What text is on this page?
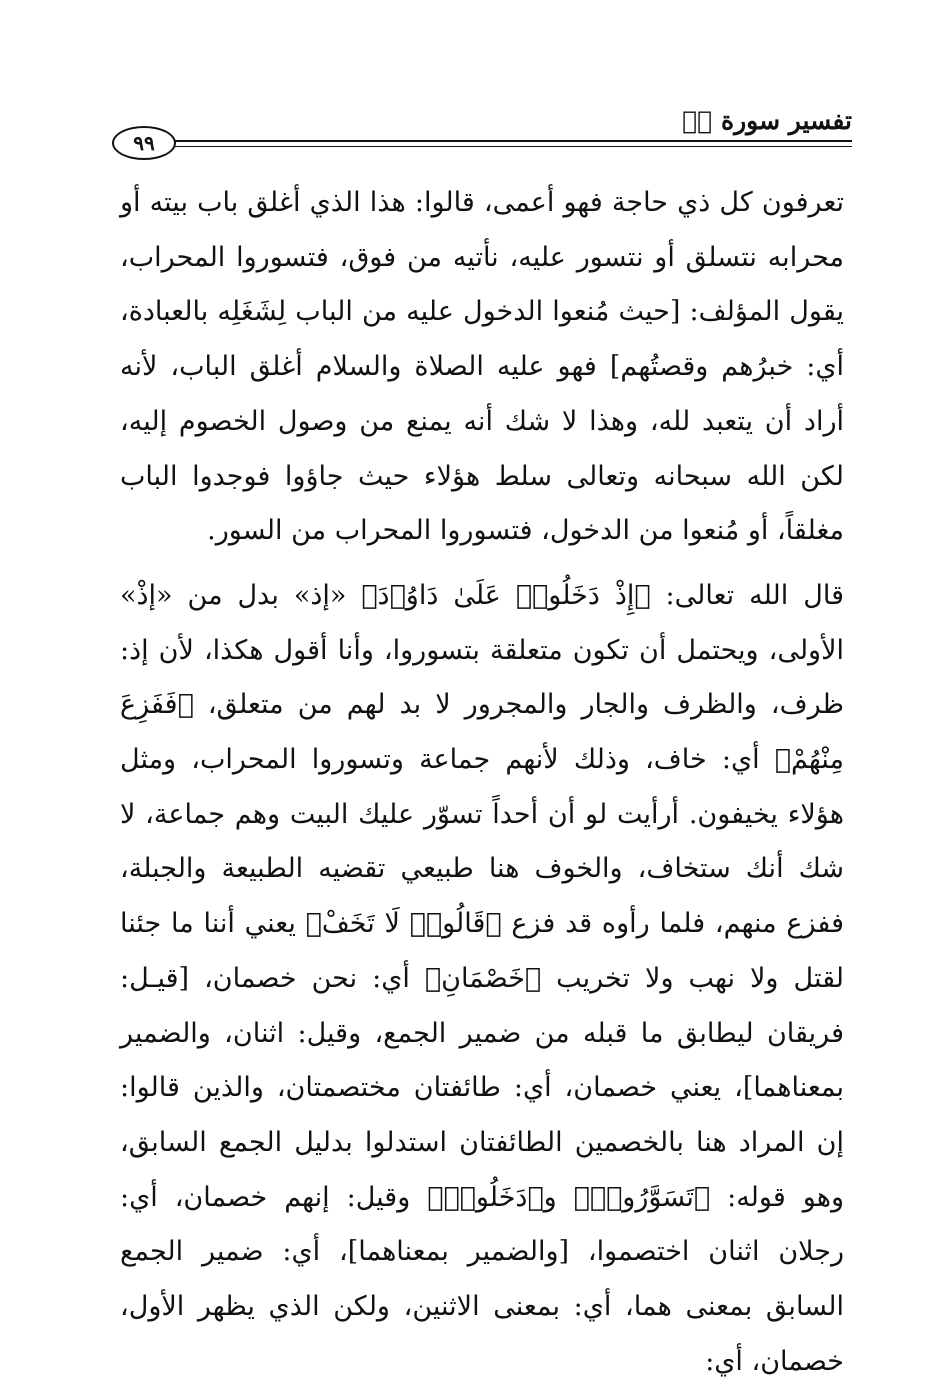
تفسير سورة صۤ
٩٩

تعرفون كل ذي حاجة فهو أعمى، قالوا: هذا الذي أغلق باب بيته أو محرابه نتسلق أو نتسور عليه، نأتيه من فوق، فتسوروا المحراب، يقول المؤلف: [حيث مُنعوا الدخول عليه من الباب لِشَغَلِه بالعبادة، أي: خبرُهم وقصتُهم] فهو عليه الصلاة والسلام أغلق الباب، لأنه أراد أن يتعبد لله، وهذا لا شك أنه يمنع من وصول الخصوم إليه، لكن الله سبحانه وتعالى سلط هؤلاء حيث جاؤوا فوجدوا الباب مغلقاً، أو مُنعوا من الدخول، فتسوروا المحراب من السور.

قال الله تعالى: ﴿إِذْ دَخَلُوا۟ عَلَىٰ دَاوُۥدَ﴾ «إذ» بدل من «إذْ» الأولى، ويحتمل أن تكون متعلقة بتسوروا، وأنا أقول هكذا، لأن إذ: ظرف، والظرف والجار والمجرور لا بد لهم من متعلق، ﴿فَفَزِعَ مِنْهُمْ﴾ أي: خاف، وذلك لأنهم جماعة وتسوروا المحراب، ومثل هؤلاء يخيفون. أرأيت لو أن أحداً تسوّر عليك البيت وهم جماعة، لا شك أنك ستخاف، والخوف هنا طبيعي تقضيه الطبيعة والجبلة، ففزع منهم، فلما رأوه قد فزع ﴿قَالُوا۟ لَا تَخَفْ﴾ يعني أننا ما جئنا لقتل ولا نهب ولا تخريب ﴿خَصْمَانِ﴾ أي: نحن خصمان، [قيـل: فريقان ليطابق ما قبله من ضمير الجمع، وقيل: اثنان، والضمير بمعناهما]، يعني خصمان، أي: طائفتان مختصمتان، والذين قالوا: إن المراد هنا بالخصمين الطائفتان استدلوا بدليل الجمع السابق، وهو قوله: ﴿تَسَوَّرُوا۟﴾ و﴿دَخَلُوا۟﴾ وقيل: إنهم خصمان، أي: رجلان اثنان اختصموا، [والضمير بمعناهما]، أي: ضمير الجمع السابق بمعنى هما، أي: بمعنى الاثنين، ولكن الذي يظهر الأول، خصمان، أي:
